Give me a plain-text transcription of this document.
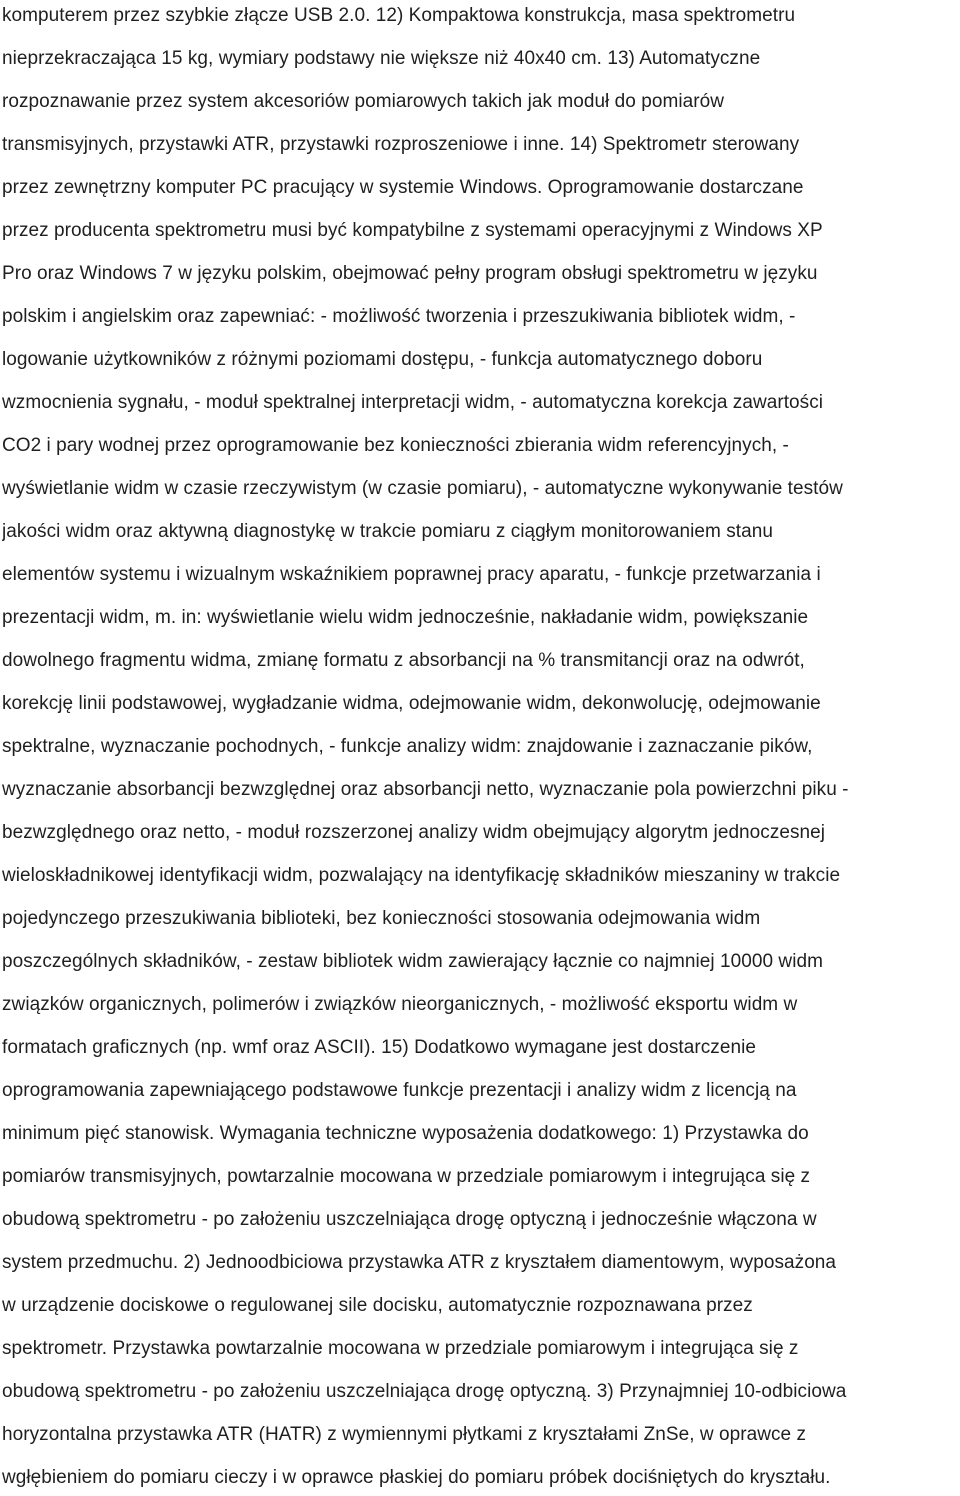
komputerem przez szybkie złącze USB 2.0. 12) Kompaktowa konstrukcja, masa spektrometru
nieprzekraczająca 15 kg, wymiary podstawy nie większe niż 40x40 cm. 13) Automatyczne
rozpoznawanie przez system akcesoriów pomiarowych takich jak moduł do pomiarów
transmisyjnych, przystawki ATR, przystawki rozproszeniowe i inne. 14) Spektrometr sterowany
przez zewnętrzny komputer PC pracujący w systemie Windows. Oprogramowanie dostarczane
przez producenta spektrometru musi być kompatybilne z systemami operacyjnymi z Windows XP
Pro oraz Windows 7 w języku polskim, obejmować pełny program obsługi spektrometru w języku
polskim i angielskim oraz zapewniać: - możliwość tworzenia i przeszukiwania bibliotek widm, -
logowanie użytkowników z różnymi poziomami dostępu, - funkcja automatycznego doboru
wzmocnienia sygnału, - moduł spektralnej interpretacji widm, - automatyczna korekcja zawartości
CO2 i pary wodnej przez oprogramowanie bez konieczności zbierania widm referencyjnych, -
wyświetlanie widm w czasie rzeczywistym (w czasie pomiaru), - automatyczne wykonywanie testów
jakości widm oraz aktywną diagnostykę w trakcie pomiaru z ciągłym monitorowaniem stanu
elementów systemu i wizualnym wskaźnikiem poprawnej pracy aparatu, - funkcje przetwarzania i
prezentacji widm, m. in: wyświetlanie wielu widm jednocześnie, nakładanie widm, powiększanie
dowolnego fragmentu widma, zmianę formatu z absorbancji na % transmitancji oraz na odwrót,
korekcję linii podstawowej, wygładzanie widma, odejmowanie widm, dekonwolucję, odejmowanie
spektralne, wyznaczanie pochodnych, - funkcje analizy widm: znajdowanie i zaznaczanie pików,
wyznaczanie absorbancji bezwzględnej oraz absorbancji netto, wyznaczanie pola powierzchni piku -
bezwzględnego oraz netto, - moduł rozszerzonej analizy widm obejmujący algorytm jednoczesnej
wieloskładnikowej identyfikacji widm, pozwalający na identyfikację składników mieszaniny w trakcie
pojedynczego przeszukiwania biblioteki, bez konieczności stosowania odejmowania widm
poszczególnych składników, - zestaw bibliotek widm zawierający łącznie co najmniej 10000 widm
związków organicznych, polimerów i związków nieorganicznych, - możliwość eksportu widm w
formatach graficznych (np. wmf oraz ASCII). 15) Dodatkowo wymagane jest dostarczenie
oprogramowania zapewniającego podstawowe funkcje prezentacji i analizy widm z licencją na
minimum pięć stanowisk. Wymagania techniczne wyposażenia dodatkowego: 1) Przystawka do
pomiarów transmisyjnych, powtarzalnie mocowana w przedziale pomiarowym i integrująca się z
obudową spektrometru - po założeniu uszczelniająca drogę optyczną i jednocześnie włączona w
system przedmuchu. 2) Jednoodbiciowa przystawka ATR z kryształem diamentowym, wyposażona
w urządzenie dociskowe o regulowanej sile docisku, automatycznie rozpoznawana przez
spektrometr. Przystawka powtarzalnie mocowana w przedziale pomiarowym i integrująca się z
obudową spektrometru - po założeniu uszczelniająca drogę optyczną. 3) Przynajmniej 10-odbiciowa
horyzontalna przystawka ATR (HATR) z wymiennymi płytkami z kryształami ZnSe, w oprawce z
wgłębieniem do pomiaru cieczy i w oprawce płaskiej do pomiaru próbek dociśniętych do kryształu.
